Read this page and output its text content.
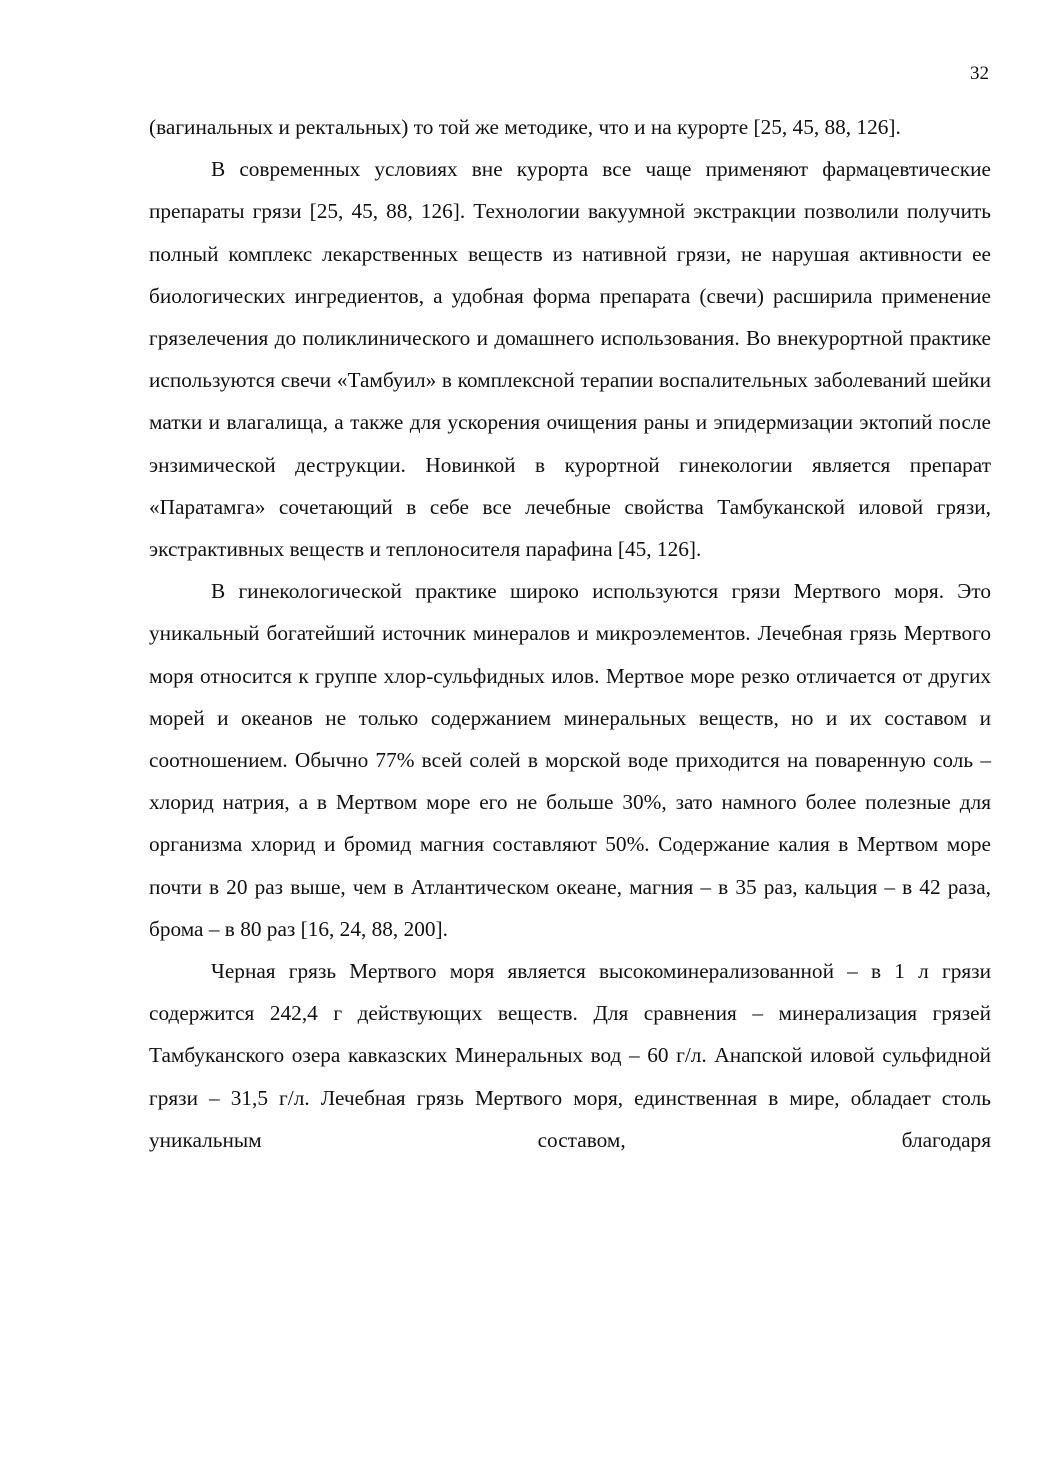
32

(вагинальных и ректальных) то той же методике, что и на курорте [25, 45, 88, 126].

В современных условиях вне курорта все чаще применяют фармацевтические препараты грязи [25, 45, 88, 126]. Технологии вакуумной экстракции позволили получить полный комплекс лекарственных веществ из нативной грязи, не нарушая активности ее биологических ингредиентов, а удобная форма препарата (свечи) расширила применение грязелечения до поликлинического и домашнего использования. Во внекурортной практике используются свечи «Тамбуил» в комплексной терапии воспалительных заболеваний шейки матки и влагалища, а также для ускорения очищения раны и эпидермизации эктопий после энзимической деструкции. Новинкой в курортной гинекологии является препарат «Паратамга» сочетающий в себе все лечебные свойства Тамбуканской иловой грязи, экстрактивных веществ и теплоносителя парафина [45, 126].

В гинекологической практике широко используются грязи Мертвого моря. Это уникальный богатейший источник минералов и микроэлементов. Лечебная грязь Мертвого моря относится к группе хлор-сульфидных илов. Мертвое море резко отличается от других морей и океанов не только содержанием минеральных веществ, но и их составом и соотношением. Обычно 77% всей солей в морской воде приходится на поваренную соль – хлорид натрия, а в Мертвом море его не больше 30%, зато намного более полезные для организма хлорид и бромид магния составляют 50%. Содержание калия в Мертвом море почти в 20 раз выше, чем в Атлантическом океане, магния – в 35 раз, кальция – в 42 раза, брома – в 80 раз [16, 24, 88, 200].

Черная грязь Мертвого моря является высокоминерализованной – в 1 л грязи содержится 242,4 г действующих веществ. Для сравнения – минерализация грязей Тамбуканского озера кавказских Минеральных вод – 60 г/л. Анапской иловой сульфидной грязи – 31,5 г/л. Лечебная грязь Мертвого моря, единственная в мире, обладает столь уникальным составом, благодаря
